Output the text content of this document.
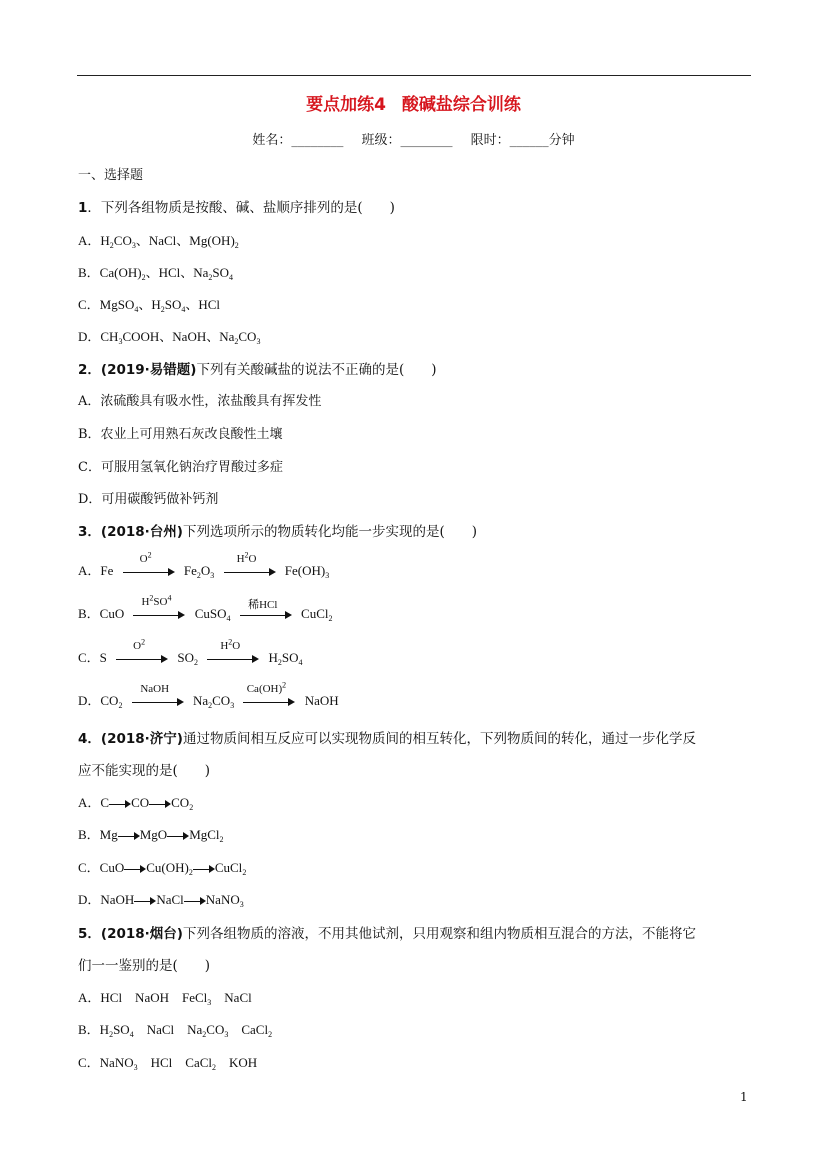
要点加练4 酸碱盐综合训练
姓名：________ 班级：________ 限时：______分钟
一、选择题
1．下列各组物质是按酸、碱、盐顺序排列的是(　　)
A．$H_2CO_3$、NaCl、$Mg(OH)_2$
B．$Ca(OH)_2$、HCl、$Na_2SO_4$
C．MgSO$_4$、$H_2SO_4$、HCl
D．$CH_3COOH$、NaOH、$Na_2CO_3$
2．(2019·易错题)下列有关酸碱盐的说法不正确的是(　　)
A．浓硫酸具有吸水性，浓盐酸具有挥发性
B．农业上可用熟石灰改良酸性土壤
C．可服用氢氧化钠治疗胃酸过多症
D．可用碳酸钙做补钙剂
3．(2018·台州)下列选项所示的物质转化均能一步实现的是(　　)
A．Fe
$O^2$
$Fe_2O_3$
$H^2O$
$Fe(OH)_3$
B．CuO
$H^2SO^4$
CuSO$_4$
稀HCl
CuCl$_2$
C．S
$O^2$
$SO_2$
$H^2O$
$H_2SO_4$
D．$CO_2$
NaOH
$Na_2CO_3$
Ca(OH)$^2$
NaOH
4．(2018·济宁)通过物质间相互反应可以实现物质间的相互转化，下列物质间的转化，通过一步化学反
应不能实现的是(　　)
A．C CO $CO_2$
B．Mg MgO MgCl$_2$
C．CuO $Cu(OH)_2$ CuCl$_2$
D．NaOH NaCl NaNO$_3$
5．(2018·烟台)下列各组物质的溶液，不用其他试剂，只用观察和组内物质相互混合的方法，不能将它
们一一鉴别的是(　　)
A．HCl　NaOH　FeCl$_3$　NaCl
B．$H_2SO_4$　NaCl　$Na_2CO_3$　CaCl$_2$
C．NaNO$_3$　HCl　CaCl$_2$　KOH
1
